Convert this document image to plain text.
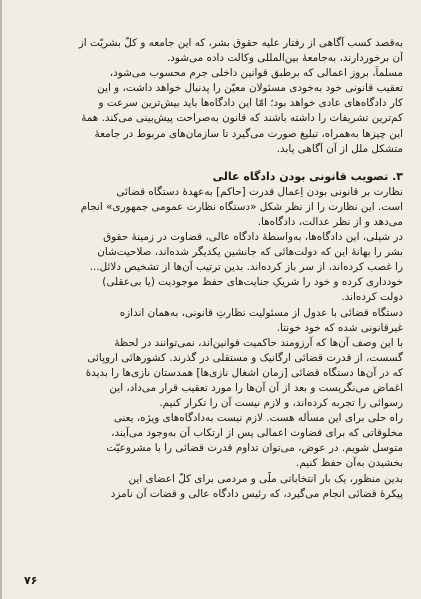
به‌قصد کسب آگاهی از رفتار علیه حقوق بشر، که این جامعه و کلّ بشریّت از
آن برخوردارند، به‌جامعهٔ بین‌المللی وکالت داده می‌شود.

مسلماً، بروز اعمالی که برطبق قوانین داخلی جرم محسوب می‌شود،
تعقیب قانونی خود به‌خودی مسئولان معیّن را پدنبال خواهد داشت، و این
کار دادگاه‌های عادی خواهد بود؛ امّا این دادگاه‌ها باید بیش‌ترین سرعت و
کم‌ترین تشریفات را داشته باشند که قانون به‌صراحت پیش‌بینی می‌کند. همهٔ
این چیزها به‌همراه، تبلیغ صورت می‌گیرد تا سازمان‌های مربوط در جامعهٔ
متشکل ملل از آن آگاهی یابد.

۳. تصویب قانونی بودن دادگاه عالی

نظارت بر قانونی بودن اِعمال قدرت [حاکم] به‌عهدهٔ دستگاه قضائی
است. این نظارت را از نظر شکل «دستگاه نظارت عمومی جمهوری» انجام
می‌دهد و از نظر عدالت، دادگاه‌ها.

در شیلی، این دادگاه‌ها، به‌واسطهٔ دادگاه عالی، قضاوت در زمینهٔ حقوق
بشر را بهانهٔ این که دولت‌هائی که جانشین یکدیگر شده‌اند، صلاحیت‌شان
را غصب کرده‌اند، از سر باز کرده‌اند. بدین ترتیب آن‌ها از تشخیص دلائل...
خودداری کرده و خود را شریکِ جنایت‌های حفظ موجودیت (یا بی‌عقلی)
دولت کرده‌اند.

دستگاه قضائی با عدول از مسئولیت نظارتِ قانونی، به‌همان اندازه
غیرقانونی شده که خود خونتا.

با این وصف آن‌ها که آرزومند حاکمیت قوانین‌اند، نمی‌توانند در لحظهٔ
گسست، از قدرت قضائی ارگانیک و مستقلی در گذرند. کشورهائی اروپائی
که در آن‌ها دستگاه قضائی [زمان اشغال نازی‌ها] همدستان نازی‌ها را بدیدهٔ
اغماض می‌نگریست و بعد از آن آن‌ها را مورد تعقیب قرار می‌داد، این
رسوائی را تجربه کرده‌اند، و لازم نیست آن را تکرار کنیم.

راه حلی برای این مسأله هست. لازم نیست به‌دادگاه‌های ویژه، یعنی
مخلوقاتی که برای قضاوت اعمالی پس از ارتکاب آن به‌وجود می‌آیند،
متوسل شویم. در عوض، می‌توان تداوم قدرت قضائی را با مشروعیّت
بخشیدن به‌آن حفظ کنیم.

بدین منظور، یک بار انتخاباتی ملّی و مردمی برای کلّ اعضای این
پیکرهٔ قضائی انجام می‌گیرد، که رئیس دادگاه عالی و قضات آن نامزد

۷۶
